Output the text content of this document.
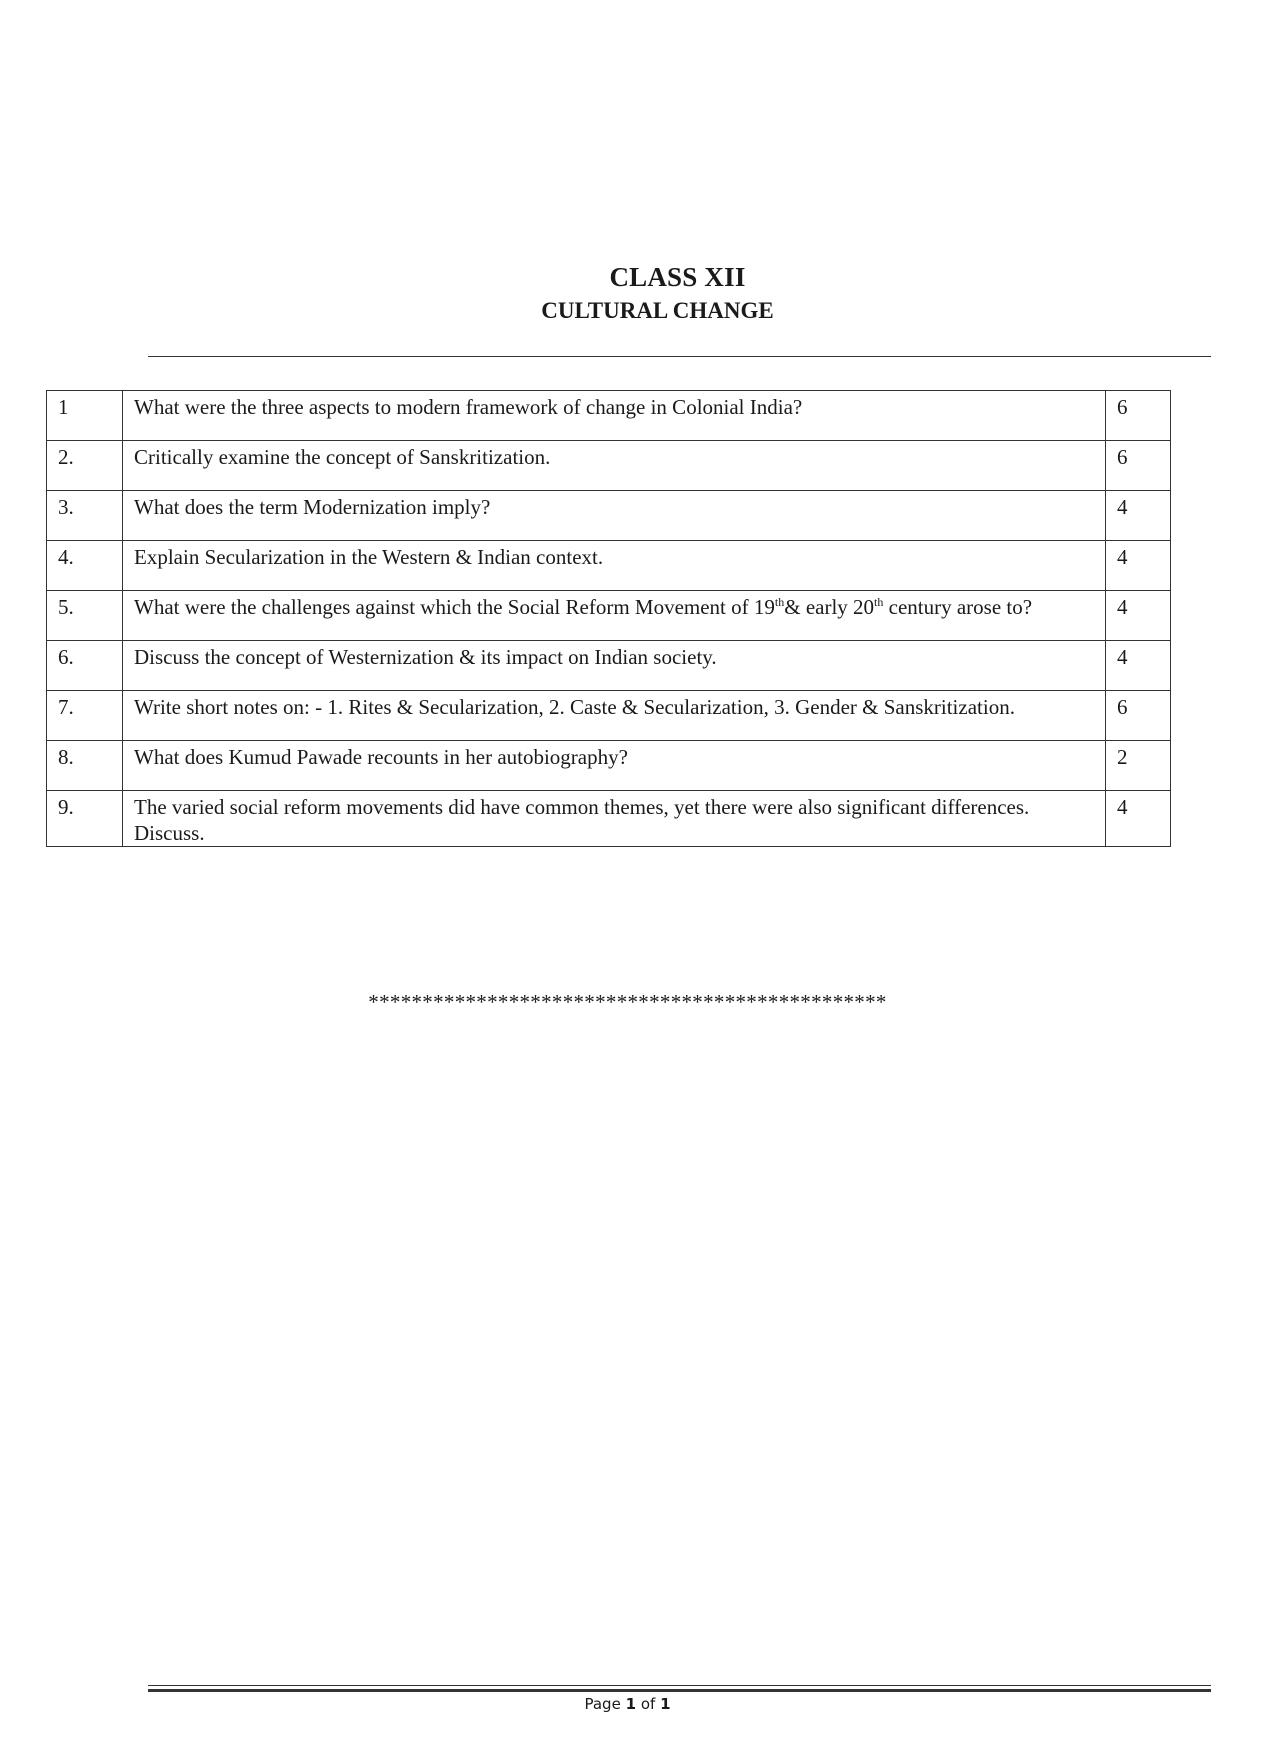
CLASS XII
CULTURAL CHANGE
1	What were the three aspects to modern framework of change in Colonial India?	6
2.	Critically examine the concept of Sanskritization.	6
3.	What does the term Modernization imply?	4
4.	Explain Secularization in the Western & Indian context.	4
5.	What were the challenges against which the Social Reform Movement of 19th& early 20th century arose to?	4
6.	Discuss the concept of Westernization & its impact on Indian society.	4
7.	Write short notes on: - 1. Rites & Secularization, 2. Caste & Secularization, 3. Gender & Sanskritization.	6
8.	What does Kumud Pawade recounts in her autobiography?	2
9.	The varied social reform movements did have common themes, yet there were also significant differences. Discuss.	4
************************************************
Page 1 of 1
